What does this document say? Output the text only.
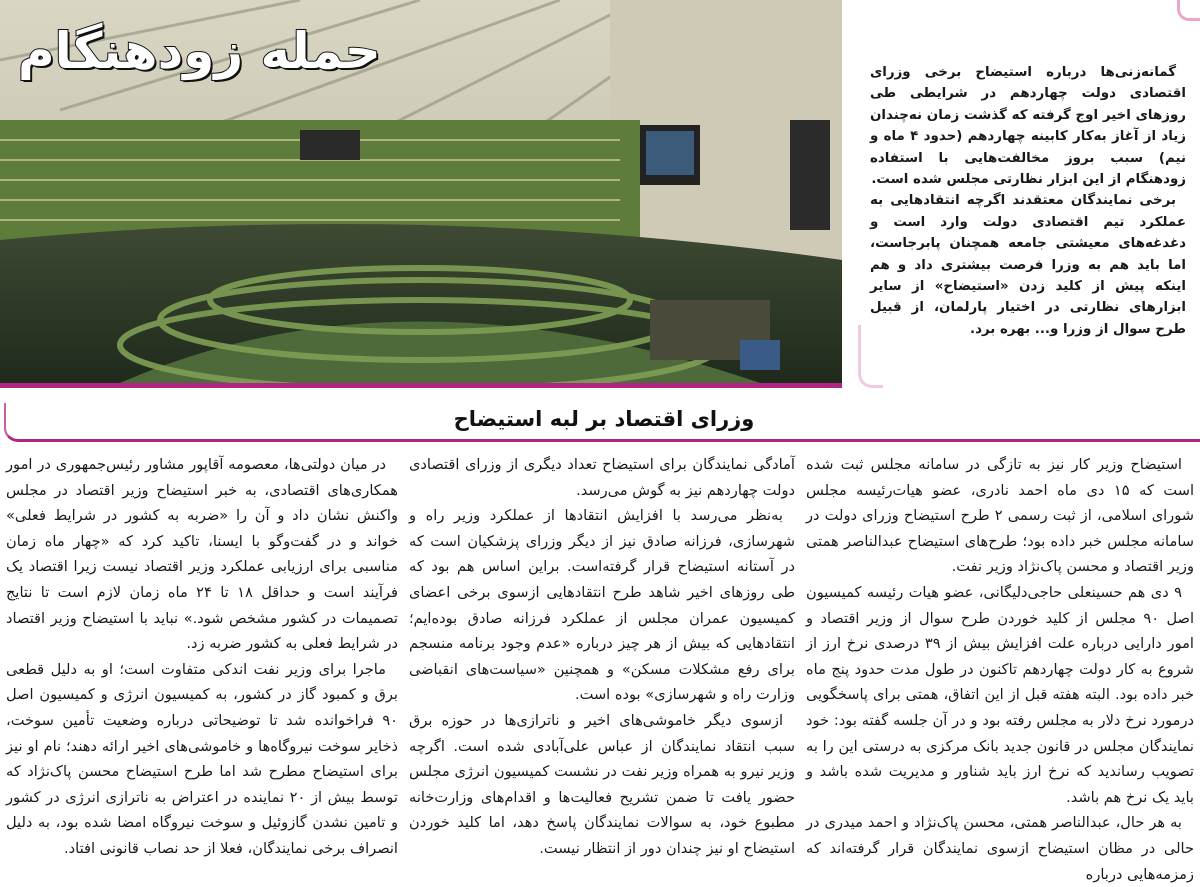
حمله زودهنگام	گمانه‌زنی‌ها درباره استیضاح برخی وزرای اقتصادی دولت چهاردهم در شرایطی طی روزهای اخیر اوج گرفته که گذشت زمان نه‌چندان زیاد از آغاز به‌کار کابینه چهاردهم (حدود ۴ ماه و نیم) سبب بروز مخالفت‌هایی با استفاده زودهنگام از این ابزار نظارتی مجلس شده است.

برخی نمایندگان معتقدند اگرچه انتقادهایی به عملکرد تیم اقتصادی دولت وارد است و دغدغه‌های معیشتی جامعه همچنان پابرجاست، اما باید هم به وزرا فرصت بیشتری داد و هم اینکه پیش از کلید زدن «استیضاح» از سایر ابزارهای نظارتی در اختیار پارلمان، از قبیل طرح سوال از وزرا و... بهره برد.

وزرای اقتصاد بر لبه استیضاح

استیضاح وزیر کار نیز به تازگی در سامانه مجلس ثبت شده است که ۱۵ دی ماه احمد نادری، عضو هیات‌رئیسه مجلس شورای اسلامی، از ثبت رسمی ۲ طرح استیضاح وزرای دولت در سامانه مجلس خبر داده بود؛ طرح‌های استیضاح عبدالناصر همتی وزیر اقتصاد و محسن پاک‌نژاد وزیر نفت.

۹ دی هم حسینعلی حاجی‌دلیگانی، عضو هیات رئیسه کمیسیون اصل ۹۰ مجلس از کلید خوردن طرح سوال از وزیر اقتصاد و امور دارایی درباره علت افزایش بیش از ۳۹ درصدی نرخ ارز از شروع به کار دولت چهاردهم تاکنون در طول مدت حدود پنج ماه خبر داده بود. البته هفته قبل از این اتفاق، همتی برای پاسخگویی درمورد نرخ دلار به مجلس رفته بود و در آن جلسه گفته بود: خود نمایندگان مجلس در قانون جدید بانک مرکزی به درستی این را به تصویب رساندید که نرخ ارز باید شناور و مدیریت شده باشد و باید یک نرخ هم باشد.

به هر حال، عبدالناصر همتی، محسن پاک‌نژاد و احمد میدری در حالی در مظان استیضاح ازسوی نمایندگان قرار گرفته‌اند که زمزمه‌هایی درباره

آمادگی نمایندگان برای استیضاح تعداد دیگری از وزرای اقتصادی دولت چهاردهم نیز به گوش می‌رسد.

به‌نظر می‌رسد با افزایش انتقادها از عملکرد وزیر راه و شهرسازی، فرزانه صادق نیز از دیگر وزرای پزشکیان است که در آستانه استیضاح قرار گرفته‌است. براین اساس هم بود که طی روزهای اخیر شاهد طرح انتقادهایی ازسوی برخی اعضای کمیسیون عمران مجلس از عملکرد فرزانه صادق بوده‌ایم؛ انتقادهایی که بیش از هر چیز درباره «عدم وجود برنامه منسجم برای رفع مشکلات مسکن» و همچنین «سیاست‌های انقباضی وزارت راه و شهرسازی» بوده است.

ازسوی دیگر خاموشی‌های اخیر و ناترازی‌ها در حوزه برق سبب انتقاد نمایندگان از عباس علی‌آبادی شده است. اگرچه وزیر نیرو به همراه وزیر نفت در نشست کمیسیون انرژی مجلس حضور یافت تا ضمن تشریح فعالیت‌ها و اقدام‌های وزارت‌خانه مطبوع خود، به سوالات نمایندگان پاسخ دهد، اما کلید خوردن استیضاح او نیز چندان دور از انتظار نیست.

در میان دولتی‌ها، معصومه آقاپور مشاور رئیس‌جمهوری در امور همکاری‌های اقتصادی، به خبر استیضاح وزیر اقتصاد در مجلس واکنش نشان داد و آن را «ضربه به کشور در شرایط فعلی» خواند و در گفت‌وگو با ایسنا، تاکید کرد که «چهار ماه زمان مناسبی برای ارزیابی عملکرد وزیر اقتصاد نیست زیرا اقتصاد یک فرآیند است و حداقل ۱۸ تا ۲۴ ماه زمان لازم است تا نتایج تصمیمات در کشور مشخص شود.» نباید با استیضاح وزیر اقتصاد در شرایط فعلی به کشور ضربه زد.

ماجرا برای وزیر نفت اندکی متفاوت است؛ او به دلیل قطعی برق و کمبود گاز در کشور، به کمیسیون انرژی و کمیسیون اصل ۹۰ فراخوانده شد تا توضیحاتی درباره وضعیت تأمین سوخت، ذخایر سوخت نیروگاه‌ها و خاموشی‌های اخیر ارائه دهند؛ نام او نیز برای استیضاح مطرح شد اما طرح استیضاح محسن پاک‌نژاد که توسط بیش از ۲۰ نماینده در اعتراض به ناترازی انرژی در کشور و تامین نشدن گازوئیل و سوخت نیروگاه امضا شده بود، به دلیل انصراف برخی نمایندگان، فعلا از حد نصاب قانونی افتاد.
